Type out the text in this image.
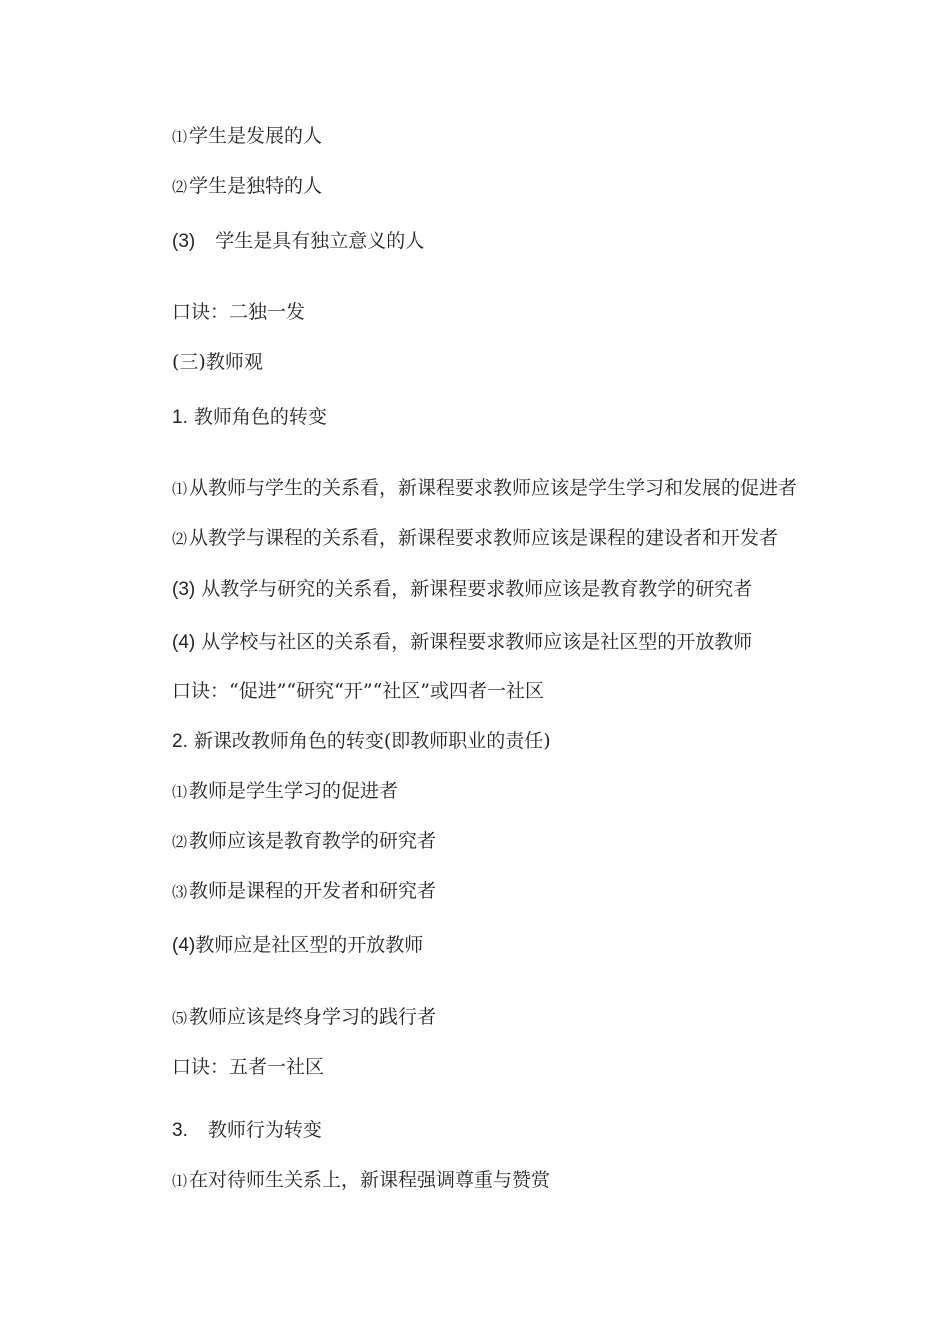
⑴ 学生是发展的人
⑵ 学生是独特的人
(3) 学生是具有独立意义的人
口诀：二独一发
(三)教师观
1. 教师角色的转变
⑴ 从教师与学生的关系看，新课程要求教师应该是学生学习和发展的促进者
⑵ 从教学与课程的关系看，新课程要求教师应该是课程的建设者和开发者
(3) 从教学与研究的关系看，新课程要求教师应该是教育教学的研究者
(4) 从学校与社区的关系看，新课程要求教师应该是社区型的开放教师
口诀：“促进”“研究“开”“社区”或四者一社区
2. 新课改教师角色的转变(即教师职业的责任)
⑴ 教师是学生学习的促进者
⑵ 教师应该是教育教学的研究者
⑶ 教师是课程的开发者和研究者
(4)教师应是社区型的开放教师
⑸ 教师应该是终身学习的践行者
口诀：五者一社区
3. 教师行为转变
⑴ 在对待师生关系上，新课程强调尊重与赞赏
